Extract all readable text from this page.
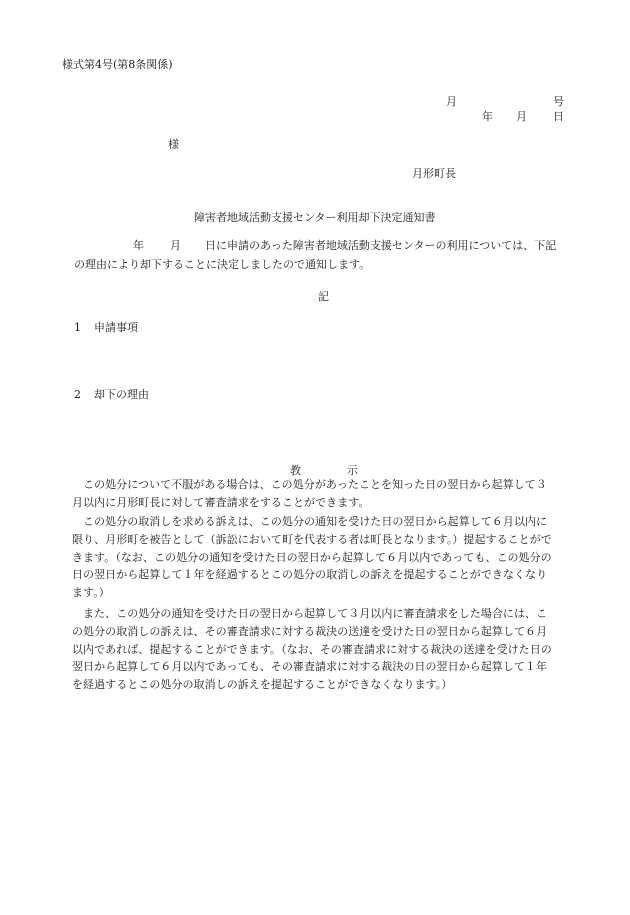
様式第4号(第8条関係)
月	号
年 月 日
様
月形町長
障害者地域活動支援センター利用却下決定通知書
年 月 日に申請のあった障害者地域活動支援センターの利用については、下記
の理由により却下することに決定しましたので通知します。
記
1 申請事項
2 却下の理由
教	示
この処分について不服がある場合は、この処分があったことを知った日の翌日から起算して３
月以内に月形町長に対して審査請求をすることができます。
この処分の取消しを求める訴えは、この処分の通知を受けた日の翌日から起算して６月以内に
限り、月形町を被告として（訴訟において町を代表する者は町長となります。）提起することがで
きます。（なお、この処分の通知を受けた日の翌日から起算して６月以内であっても、この処分の
日の翌日から起算して１年を経過するとこの処分の取消しの訴えを提起することができなくなり
ます。）
また、この処分の通知を受けた日の翌日から起算して３月以内に審査請求をした場合には、こ
の処分の取消しの訴えは、その審査請求に対する裁決の送達を受けた日の翌日から起算して６月
以内であれば、提起することができます。（なお、その審査請求に対する裁決の送達を受けた日の
翌日から起算して６月以内であっても、その審査請求に対する裁決の日の翌日から起算して１年
を経過するとこの処分の取消しの訴えを提起することができなくなります。）
